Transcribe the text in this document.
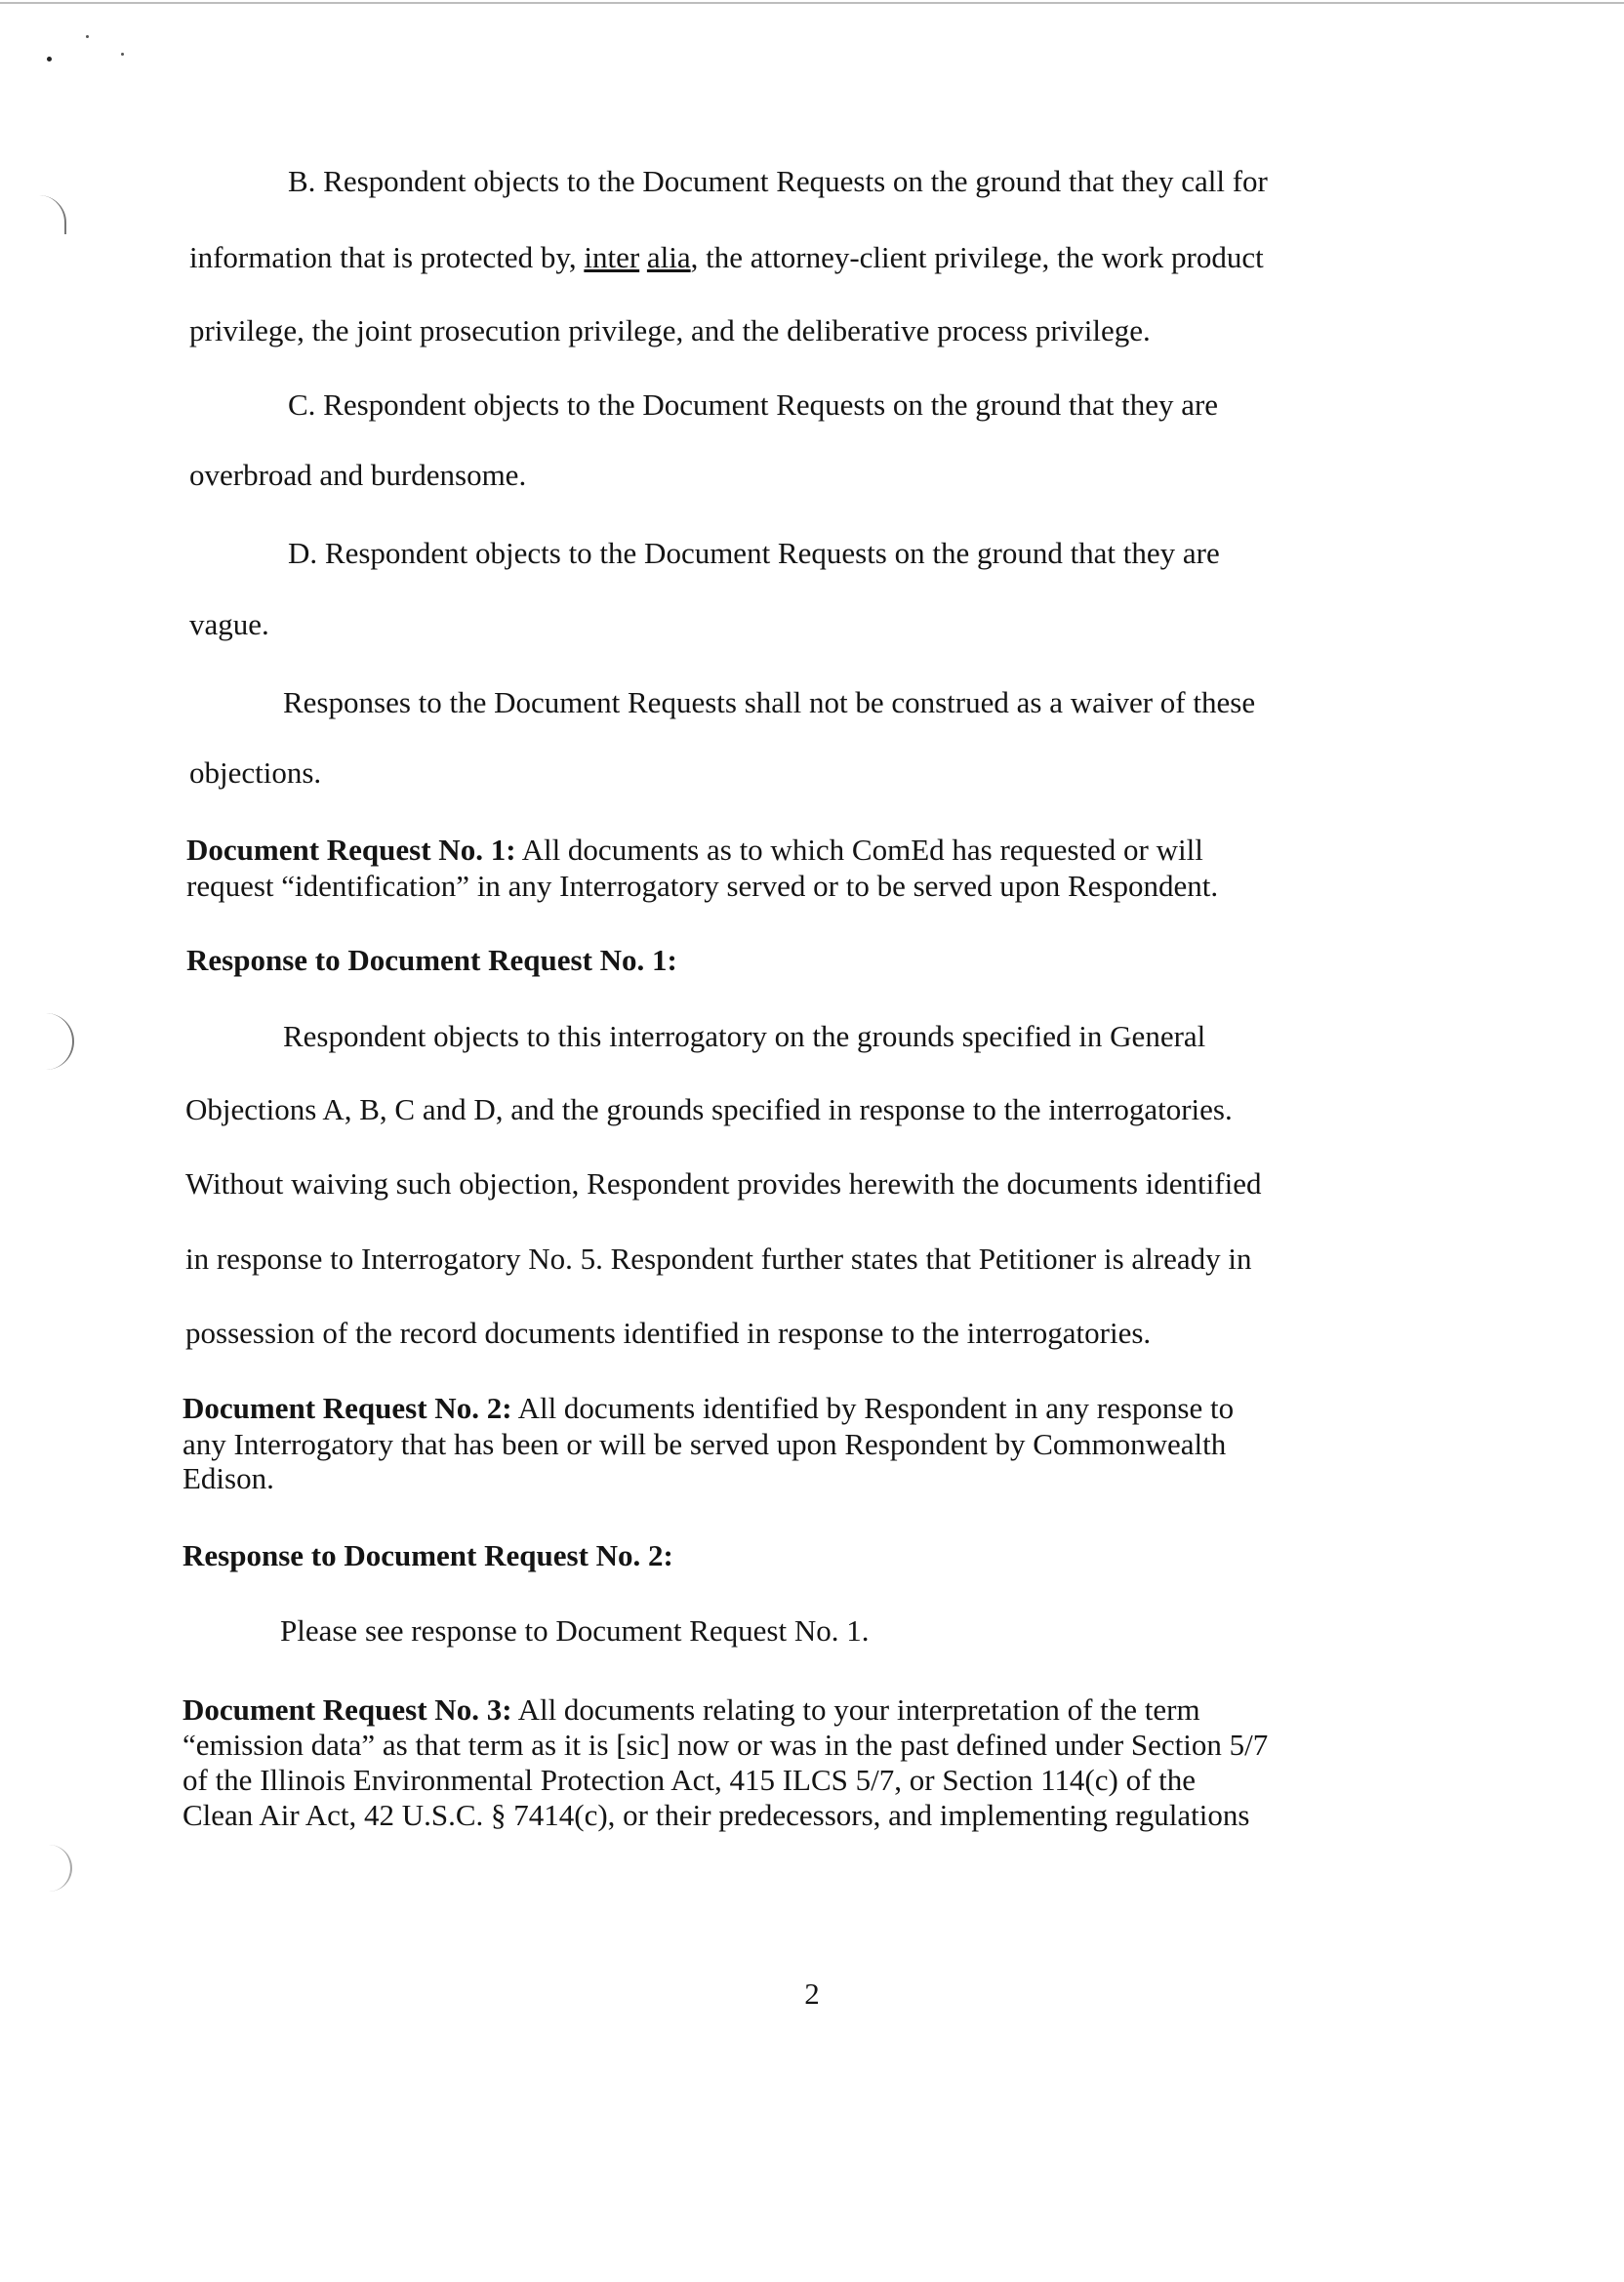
B. Respondent objects to the Document Requests on the ground that they call for
information that is protected by, inter alia, the attorney-client privilege, the work product
privilege, the joint prosecution privilege, and the deliberative process privilege.
C. Respondent objects to the Document Requests on the ground that they are
overbroad and burdensome.
D. Respondent objects to the Document Requests on the ground that they are
vague.
Responses to the Document Requests shall not be construed as a waiver of these
objections.
Document Request No. 1: All documents as to which ComEd has requested or will
request “identification” in any Interrogatory served or to be served upon Respondent.
Response to Document Request No. 1:
Respondent objects to this interrogatory on the grounds specified in General
Objections A, B, C and D, and the grounds specified in response to the interrogatories.
Without waiving such objection, Respondent provides herewith the documents identified
in response to Interrogatory No. 5. Respondent further states that Petitioner is already in
possession of the record documents identified in response to the interrogatories.
Document Request No. 2: All documents identified by Respondent in any response to
any Interrogatory that has been or will be served upon Respondent by Commonwealth
Edison.
Response to Document Request No. 2:
Please see response to Document Request No. 1.
Document Request No. 3: All documents relating to your interpretation of the term
“emission data” as that term as it is [sic] now or was in the past defined under Section 5/7
of the Illinois Environmental Protection Act, 415 ILCS 5/7, or Section 114(c) of the
Clean Air Act, 42 U.S.C. § 7414(c), or their predecessors, and implementing regulations
2
